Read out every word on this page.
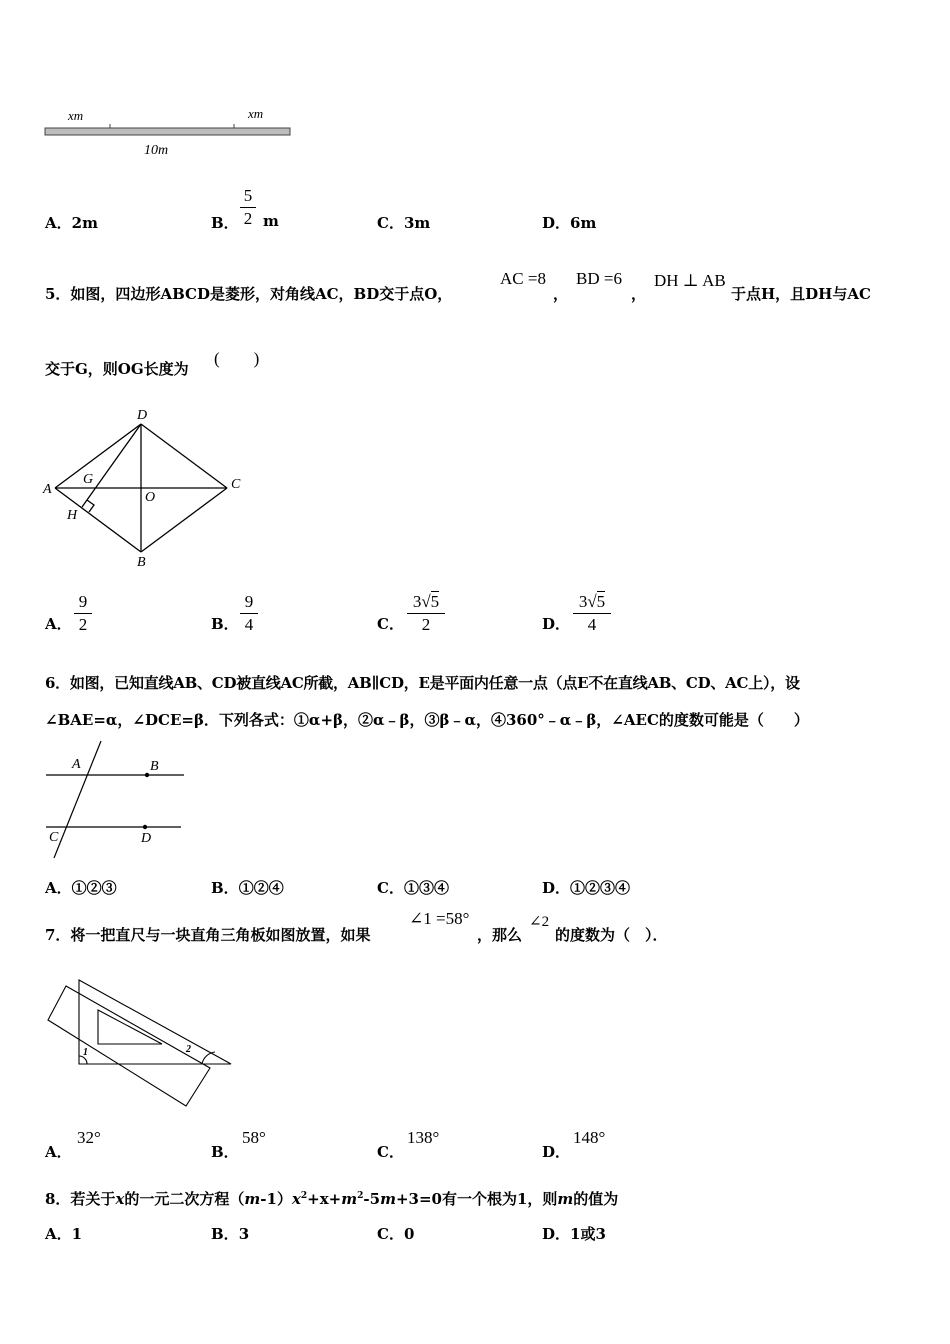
xm	xm
10m
A．2m	B．
5
2 m	C．3m	D．6m
5．如图，四边形ABCD是菱形，对角线AC，BD交于点O，
AC =8
，
BD =6
，
DH ⊥ AB
于点H，且DH与AC
交于G，则OG长度为
(　　)
D
A	C
B
G
O
H
A．
9
2	B．
9
4	C．
3√5
2	D．
3√5
4
6．如图，已知直线AB、CD被直线AC所截，AB∥CD，E是平面内任意一点（点E不在直线AB、CD、AC上），设
∠BAE=α，∠DCE=β．下列各式：①α+β，②α﹣β，③β﹣α，④360°﹣α﹣β，∠AEC的度数可能是（　　）
A	B
C	D
A．①②③	B．①②④	C．①③④	D．①②③④
7．将一把直尺与一块直角三角板如图放置，如果
∠1 =58°
，那么
∠2
的度数为（　）．
1	2
A．
32°
B．
58°
C．
138°
D．
148°
8．若关于x的一元二次方程$(m-1)x^2+x+m^2-5m+3=0$有一个根为1，则m的值为
A．1	B．3	C．0	D．1或3
